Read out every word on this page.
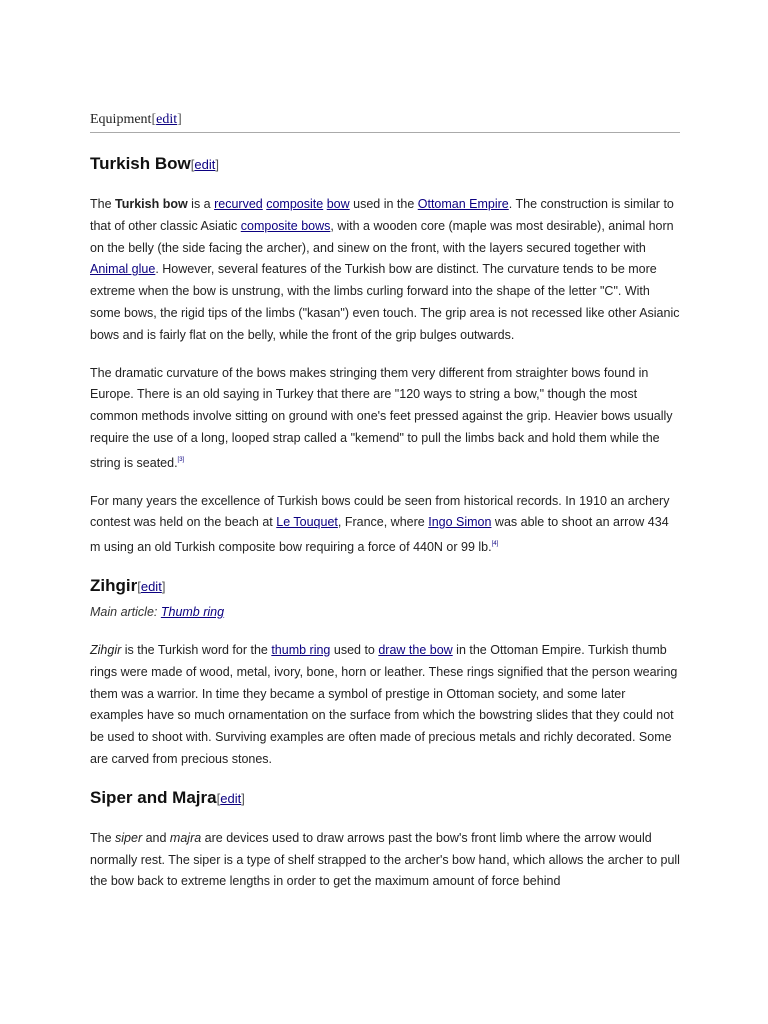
Equipment[edit]
Turkish Bow[edit]

The Turkish bow is a recurved composite bow used in the Ottoman Empire. The construction is similar to that of other classic Asiatic composite bows, with a wooden core (maple was most desirable), animal horn on the belly (the side facing the archer), and sinew on the front, with the layers secured together with Animal glue. However, several features of the Turkish bow are distinct. The curvature tends to be more extreme when the bow is unstrung, with the limbs curling forward into the shape of the letter "C". With some bows, the rigid tips of the limbs ("kasan") even touch. The grip area is not recessed like other Asianic bows and is fairly flat on the belly, while the front of the grip bulges outwards.

The dramatic curvature of the bows makes stringing them very different from straighter bows found in Europe. There is an old saying in Turkey that there are "120 ways to string a bow," though the most common methods involve sitting on ground with one's feet pressed against the grip. Heavier bows usually require the use of a long, looped strap called a "kemend" to pull the limbs back and hold them while the string is seated.[3]

For many years the excellence of Turkish bows could be seen from historical records. In 1910 an archery contest was held on the beach at Le Touquet, France, where Ingo Simon was able to shoot an arrow 434 m using an old Turkish composite bow requiring a force of 440N or 99 lb.[4]

Zihgir[edit]
Main article: Thumb ring

Zihgir is the Turkish word for the thumb ring used to draw the bow in the Ottoman Empire. Turkish thumb rings were made of wood, metal, ivory, bone, horn or leather. These rings signified that the person wearing them was a warrior. In time they became a symbol of prestige in Ottoman society, and some later examples have so much ornamentation on the surface from which the bowstring slides that they could not be used to shoot with. Surviving examples are often made of precious metals and richly decorated. Some are carved from precious stones.

Siper and Majra[edit]

The siper and majra are devices used to draw arrows past the bow's front limb where the arrow would normally rest. The siper is a type of shelf strapped to the archer's bow hand, which allows the archer to pull the bow back to extreme lengths in order to get the maximum amount of force behind
